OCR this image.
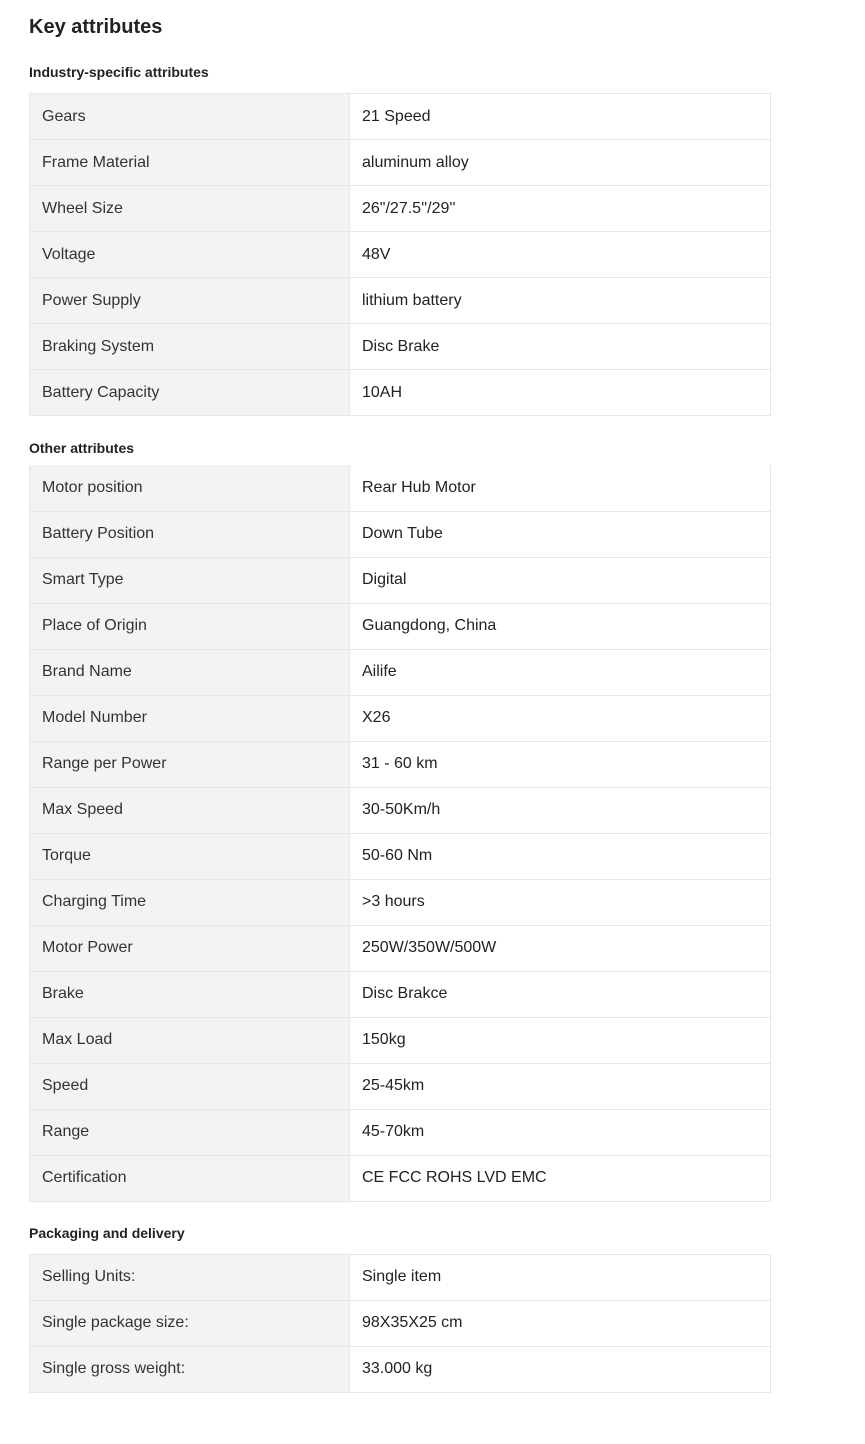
Key attributes
Industry-specific attributes
Gears	21 Speed
Frame Material	aluminum alloy
Wheel Size	26"/27.5''/29''
Voltage	48V
Power Supply	lithium battery
Braking System	Disc Brake
Battery Capacity	10AH
Other attributes
Motor position	Rear Hub Motor
Battery Position	Down Tube
Smart Type	Digital
Place of Origin	Guangdong, China
Brand Name	Ailife
Model Number	X26
Range per Power	31 - 60 km
Max Speed	30-50Km/h
Torque	50-60 Nm
Charging Time	>3 hours
Motor Power	250W/350W/500W
Brake	Disc Brakce
Max Load	150kg
Speed	25-45km
Range	45-70km
Certification	CE FCC ROHS LVD EMC
Packaging and delivery
Selling Units:	Single item
Single package size:	98X35X25 cm
Single gross weight:	33.000 kg
